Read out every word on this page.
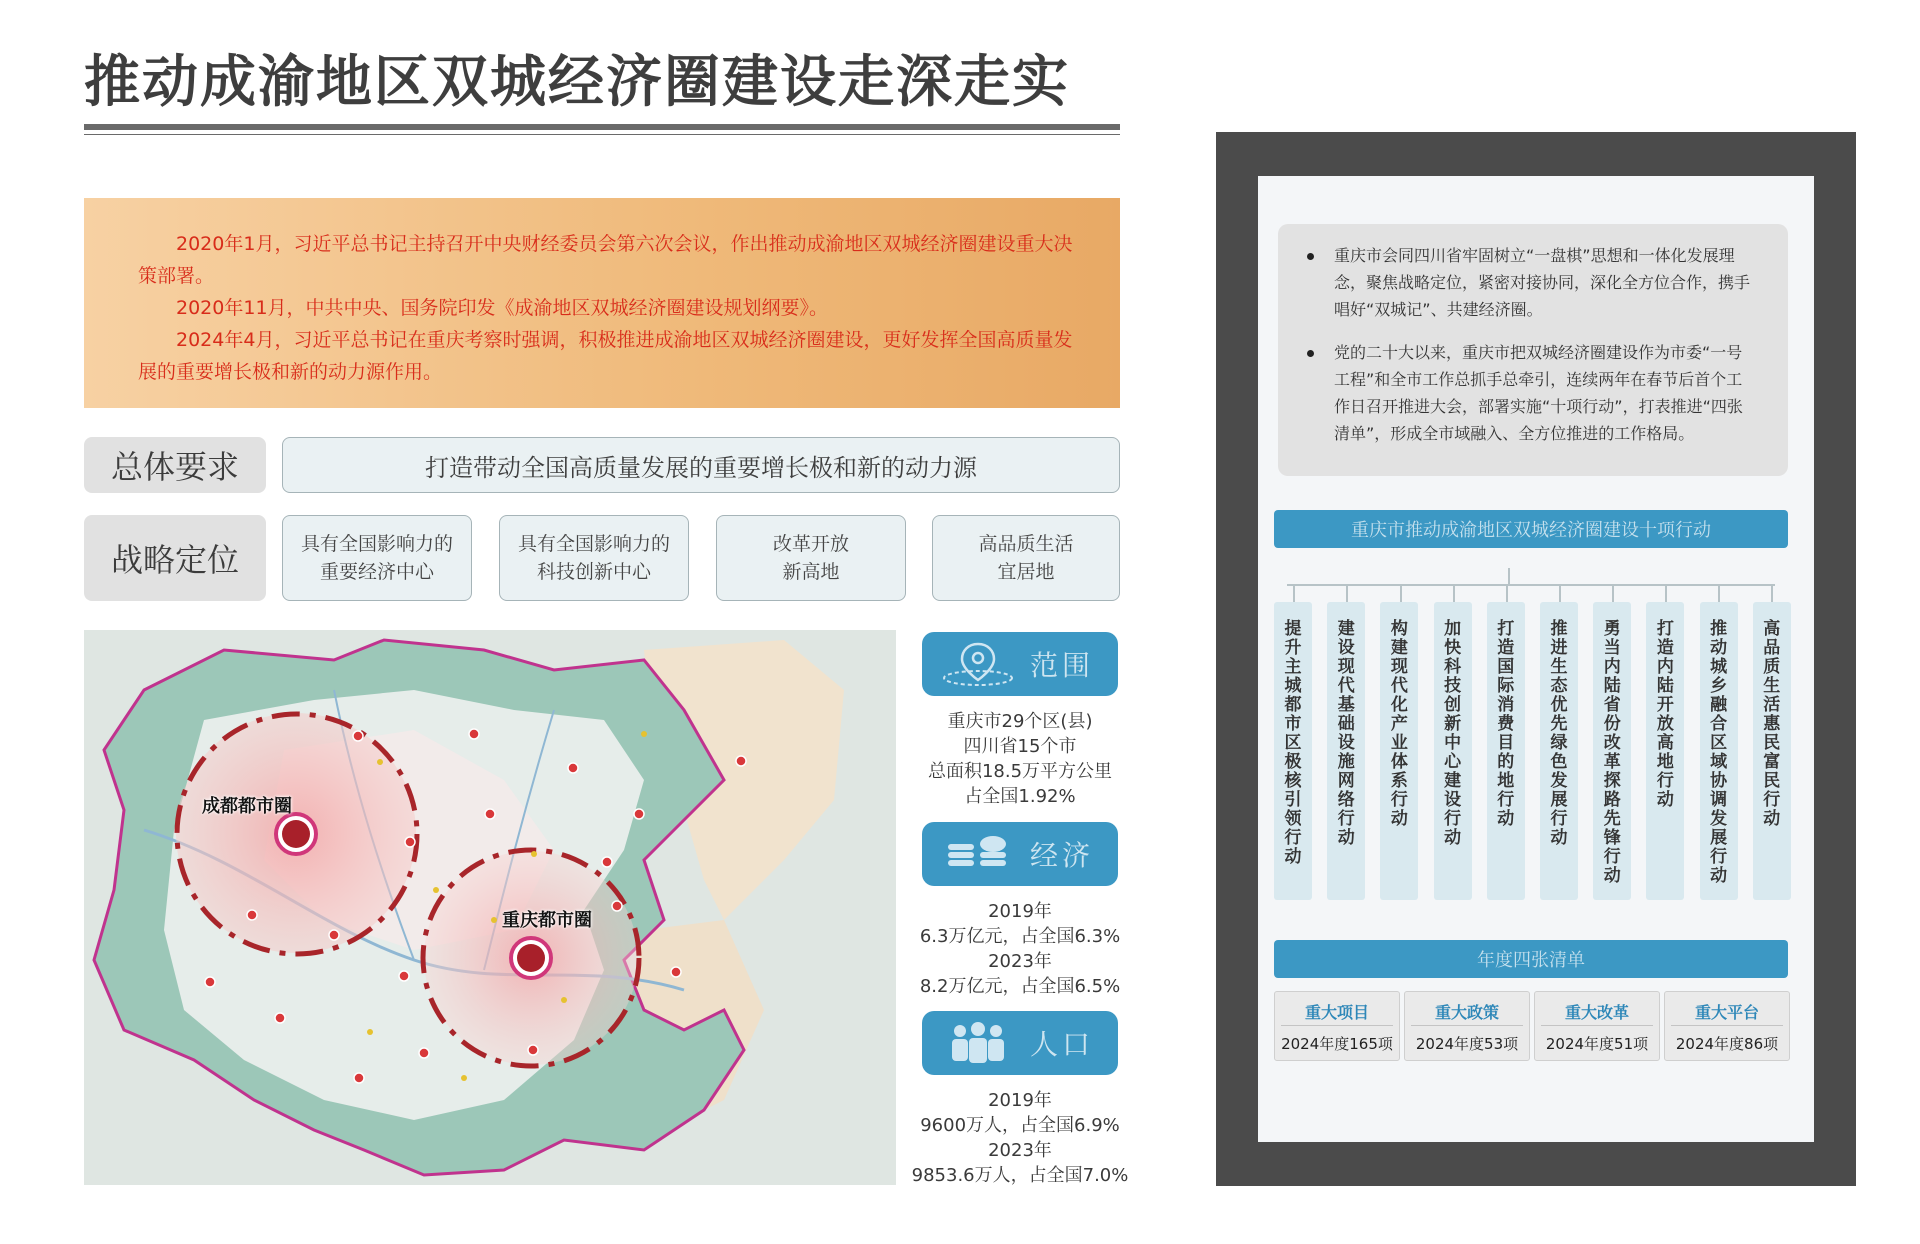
推动成渝地区双城经济圈建设走深走实

2020年1月，习近平总书记主持召开中央财经委员会第六次会议，作出推动成渝地区双城经济圈建设重大决策部署。

2020年11月，中共中央、国务院印发《成渝地区双城经济圈建设规划纲要》。

2024年4月，习近平总书记在重庆考察时强调，积极推进成渝地区双城经济圈建设，更好发挥全国高质量发展的重要增长极和新的动力源作用。

总体要求	打造带动全国高质量发展的重要增长极和新的动力源
战略定位	具有全国影响力的
重要经济中心
具有全国影响力的
科技创新中心
改革开放
新高地
高品质生活
宜居地
成都都市圈
重庆都市圈
范围
重庆市29个区(县)
四川省15个市
总面积18.5万平方公里
占全国1.92%
经济
2019年
6.3万亿元，占全国6.3%
2023年
8.2万亿元，占全国6.5%
人口
2019年
9600万人，占全国6.9%
2023年
9853.6万人，占全国7.0%
重庆市会同四川省牢固树立“一盘棋”思想和一体化发展理念，聚焦战略定位，紧密对接协同，深化全方位合作，携手唱好“双城记”、共建经济圈。
党的二十大以来，重庆市把双城经济圈建设作为市委“一号工程”和全市工作总抓手总牵引，连续两年在春节后首个工作日召开推进大会，部署实施“十项行动”，打表推进“四张清单”，形成全市域融入、全方位推进的工作格局。
重庆市推动成渝地区双城经济圈建设十项行动
提
升
主
城
都
市
区
极
核
引
领
行
动
建
设
现
代
基
础
设
施
网
络
行
动
构
建
现
代
化
产
业
体
系
行
动
加
快
科
技
创
新
中
心
建
设
行
动
打
造
国
际
消
费
目
的
地
行
动
推
进
生
态
优
先
绿
色
发
展
行
动
勇
当
内
陆
省
份
改
革
探
路
先
锋
行
动
打
造
内
陆
开
放
高
地
行
动
推
动
城
乡
融
合
区
域
协
调
发
展
行
动
高
品
质
生
活
惠
民
富
民
行
动
年度四张清单
重大项目
2024年度165项
重大政策
2024年度53项
重大改革
2024年度51项
重大平台
2024年度86项
